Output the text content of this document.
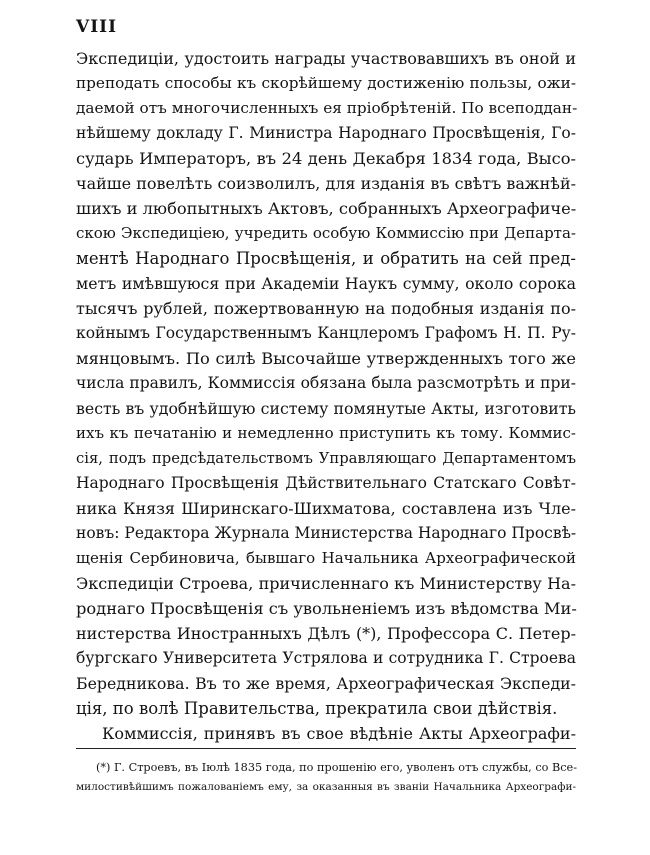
VIII
Экспедиціи, удостоить награды участвовавшихъ въ оной и
преподать способы къ скорѣйшему достиженію пользы, ожи-
даемой отъ многочисленныхъ ея пріобрѣтеній. По всеподдан-
нѣйшему докладу Г. Министра Народнаго Просвѣщенія, Го-
сударь Императоръ, въ 24 день Декабря 1834 года, Высо-
чайше повелѣть соизволилъ, для изданія въ свѣтъ важнѣй-
шихъ и любопытныхъ Актовъ, собранныхъ Археографиче-
скою Экспедиціею, учредить особую Коммиссію при Департа-
ментѣ Народнаго Просвѣщенія, и обратить на сей пред-
метъ имѣвшуюся при Академіи Наукъ сумму, около сорока
тысячъ рублей, пожертвованную на подобныя изданія по-
койнымъ Государственнымъ Канцлеромъ Графомъ Н. П. Ру-
мянцовымъ. По силѣ Высочайше утвержденныхъ того же
числа правилъ, Коммиссія обязана была разсмотрѣть и при-
весть въ удобнѣйшую систему помянутые Акты, изготовить
ихъ къ печатанію и немедленно приступить къ тому. Коммис-
сія, подъ предсѣдательствомъ Управляющаго Департаментомъ
Народнаго Просвѣщенія Дѣйствительнаго Статскаго Совѣт-
ника Князя Ширинскаго-Шихматова, составлена изъ Чле-
новъ: Редактора Журнала Министерства Народнаго Просвѣ-
щенія Сербиновича, бывшаго Начальника Археографической
Экспедиціи Строева, причисленнаго къ Министерству На-
роднаго Просвѣщенія съ увольненіемъ изъ вѣдомства Ми-
нистерства Иностранныхъ Дѣлъ (*), Профессора С. Петер-
бургскаго Университета Устрялова и сотрудника Г. Строева
Бередникова. Въ то же время, Археографическая Экспеди-
ція, по волѣ Правительства, прекратила свои дѣйствія.
Коммиссія, принявъ въ свое вѣдѣніе Акты Археографи-
(*) Г. Строевъ, въ Іюлѣ 1835 года, по прошенію его, уволенъ отъ службы, со Все-
милостивѣйшимъ пожалованіемъ ему, за оказанныя въ званіи Начальника Археографи-
